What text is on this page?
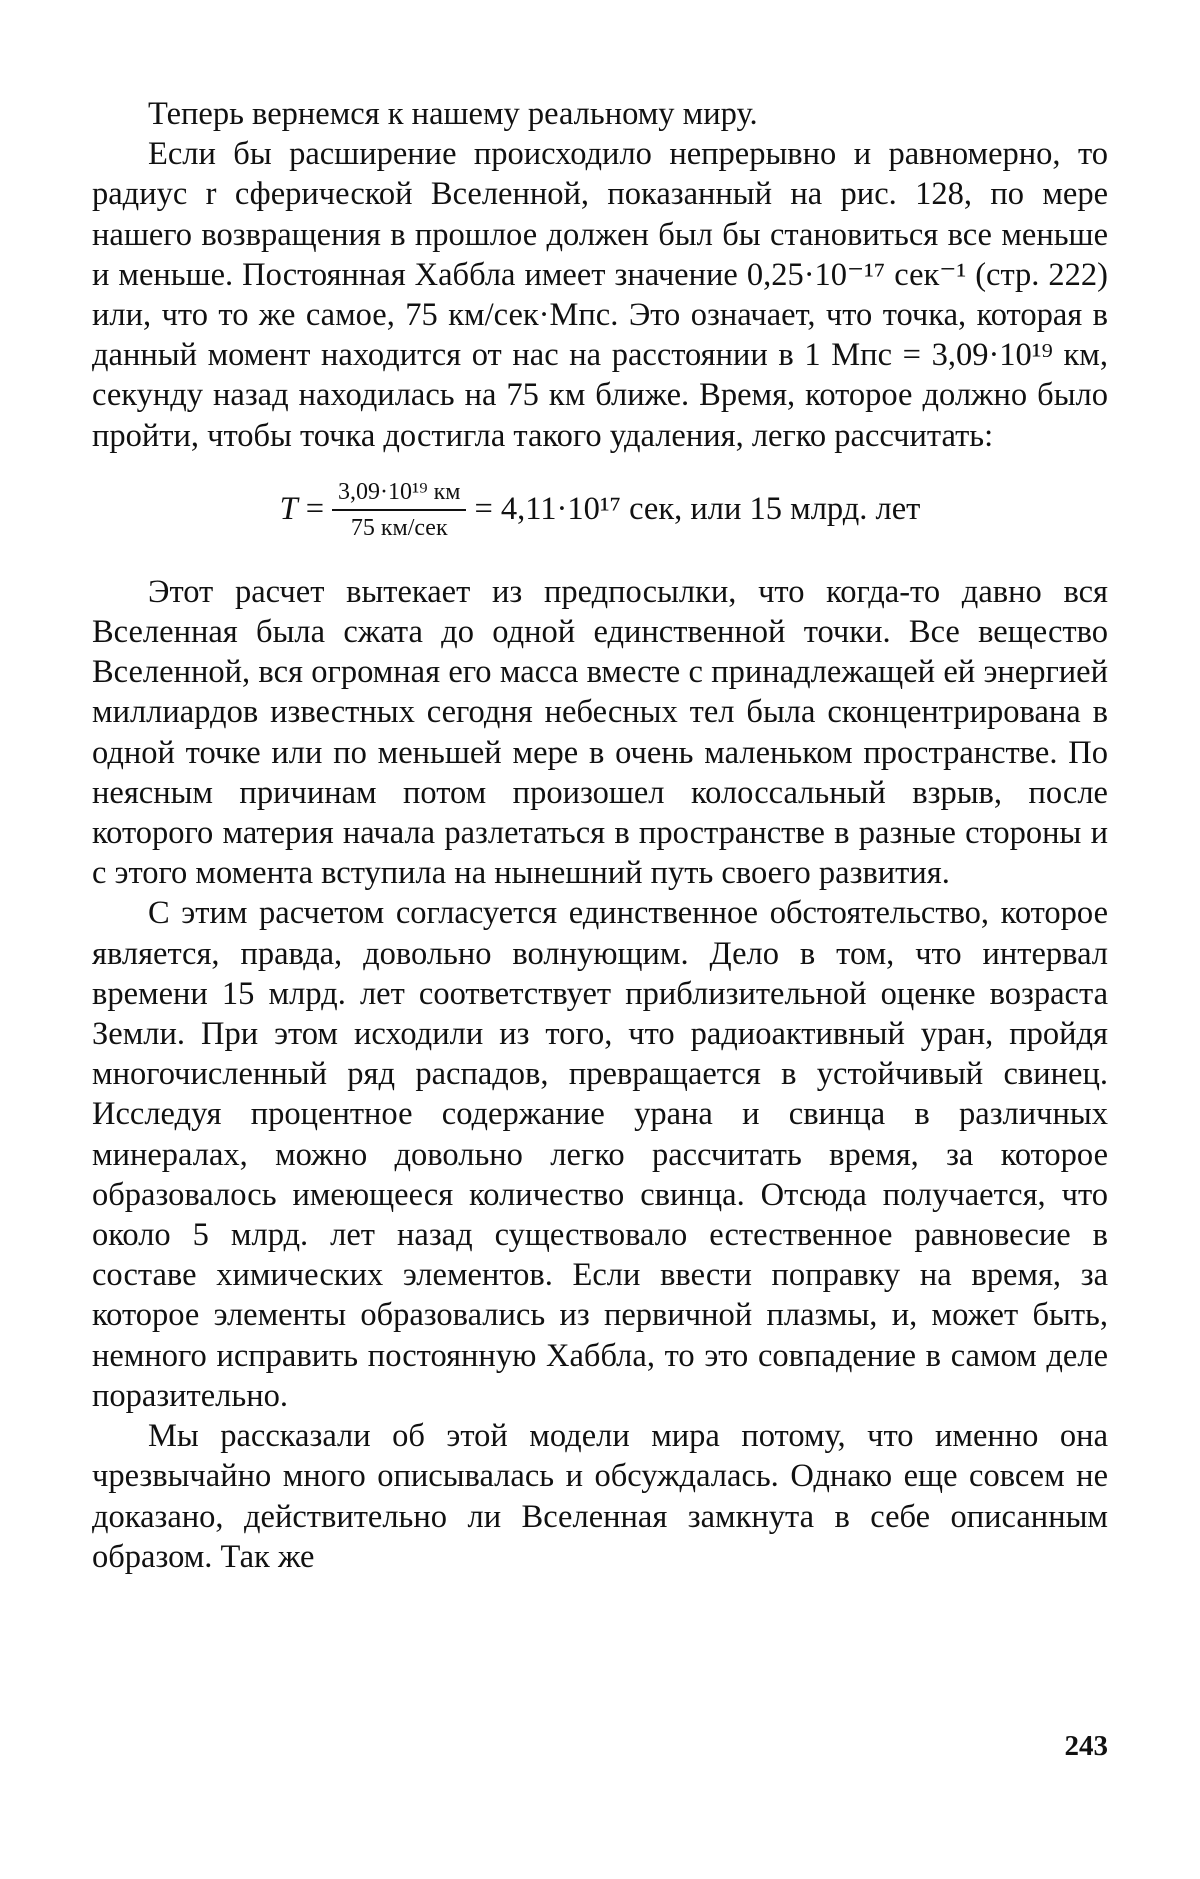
Теперь вернемся к нашему реальному миру.

Если бы расширение происходило непрерывно и равномерно, то радиус r сферической Вселенной, показанный на рис. 128, по мере нашего возвращения в прошлое должен был бы становиться все меньше и меньше. Постоянная Хаббла имеет значение 0,25·10⁻¹⁷ сек⁻¹ (стр. 222) или, что то же самое, 75 км/сек·Мпс. Это означает, что точка, которая в данный момент находится от нас на расстоянии в 1 Мпс = 3,09·10¹⁹ км, секунду назад находилась на 75 км ближе. Время, которое должно было пройти, чтобы точка достигла такого удаления, легко рассчитать:

$T = \frac{\text{3,09·10¹⁹ км}}{\text{75 км/сек}} = 4,11\cdot 10^{17}$ сек, или 15 млрд. лет

Этот расчет вытекает из предпосылки, что когда-то давно вся Вселенная была сжата до одной единственной точки. Все вещество Вселенной, вся огромная его масса вместе с принадлежащей ей энергией миллиардов известных сегодня небесных тел была сконцентрирована в одной точке или по меньшей мере в очень маленьком пространстве. По неясным причинам потом произошел колоссальный взрыв, после которого материя начала разлетаться в пространстве в разные стороны и с этого момента вступила на нынешний путь своего развития.

С этим расчетом согласуется единственное обстоятельство, которое является, правда, довольно волнующим. Дело в том, что интервал времени 15 млрд. лет соответствует приблизительной оценке возраста Земли. При этом исходили из того, что радиоактивный уран, пройдя многочисленный ряд распадов, превращается в устойчивый свинец. Исследуя процентное содержание урана и свинца в различных минералах, можно довольно легко рассчитать время, за которое образовалось имеющееся количество свинца. Отсюда получается, что около 5 млрд. лет назад существовало естественное равновесие в составе химических элементов. Если ввести поправку на время, за которое элементы образовались из первичной плазмы, и, может быть, немного исправить постоянную Хаббла, то это совпадение в самом деле поразительно.

Мы рассказали об этой модели мира потому, что именно она чрезвычайно много описывалась и обсуждалась. Однако еще совсем не доказано, действительно ли Вселенная замкнута в себе описанным образом. Так же

243
